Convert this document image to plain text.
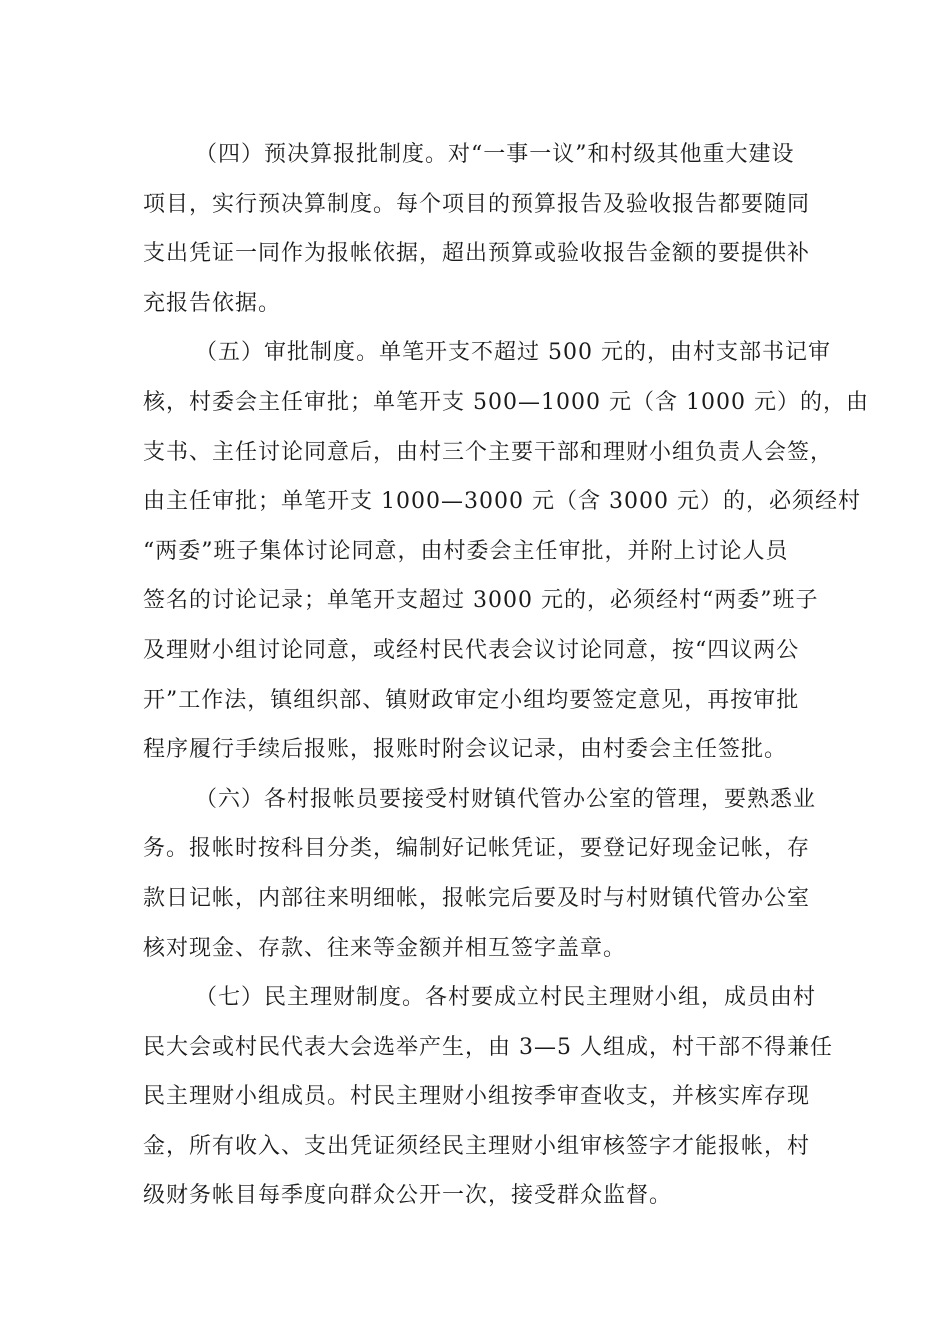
（四）预决算报批制度。对“一事一议”和村级其他重大建设
项目，实行预决算制度。每个项目的预算报告及验收报告都要随同
支出凭证一同作为报帐依据，超出预算或验收报告金额的要提供补
充报告依据。
（五）审批制度。单笔开支不超过 500 元的，由村支部书记审
核，村委会主任审批；单笔开支 500—1000 元（含 1000 元）的，由
支书、主任讨论同意后，由村三个主要干部和理财小组负责人会签，
由主任审批；单笔开支 1000—3000 元（含 3000 元）的，必须经村
“两委”班子集体讨论同意，由村委会主任审批，并附上讨论人员
签名的讨论记录；单笔开支超过 3000 元的，必须经村“两委”班子
及理财小组讨论同意，或经村民代表会议讨论同意，按“四议两公
开”工作法，镇组织部、镇财政审定小组均要签定意见，再按审批
程序履行手续后报账，报账时附会议记录，由村委会主任签批。
（六）各村报帐员要接受村财镇代管办公室的管理，要熟悉业
务。报帐时按科目分类，编制好记帐凭证，要登记好现金记帐，存
款日记帐，内部往来明细帐，报帐完后要及时与村财镇代管办公室
核对现金、存款、往来等金额并相互签字盖章。
（七）民主理财制度。各村要成立村民主理财小组，成员由村
民大会或村民代表大会选举产生，由 3—5 人组成，村干部不得兼任
民主理财小组成员。村民主理财小组按季审查收支，并核实库存现
金，所有收入、支出凭证须经民主理财小组审核签字才能报帐，村
级财务帐目每季度向群众公开一次，接受群众监督。
